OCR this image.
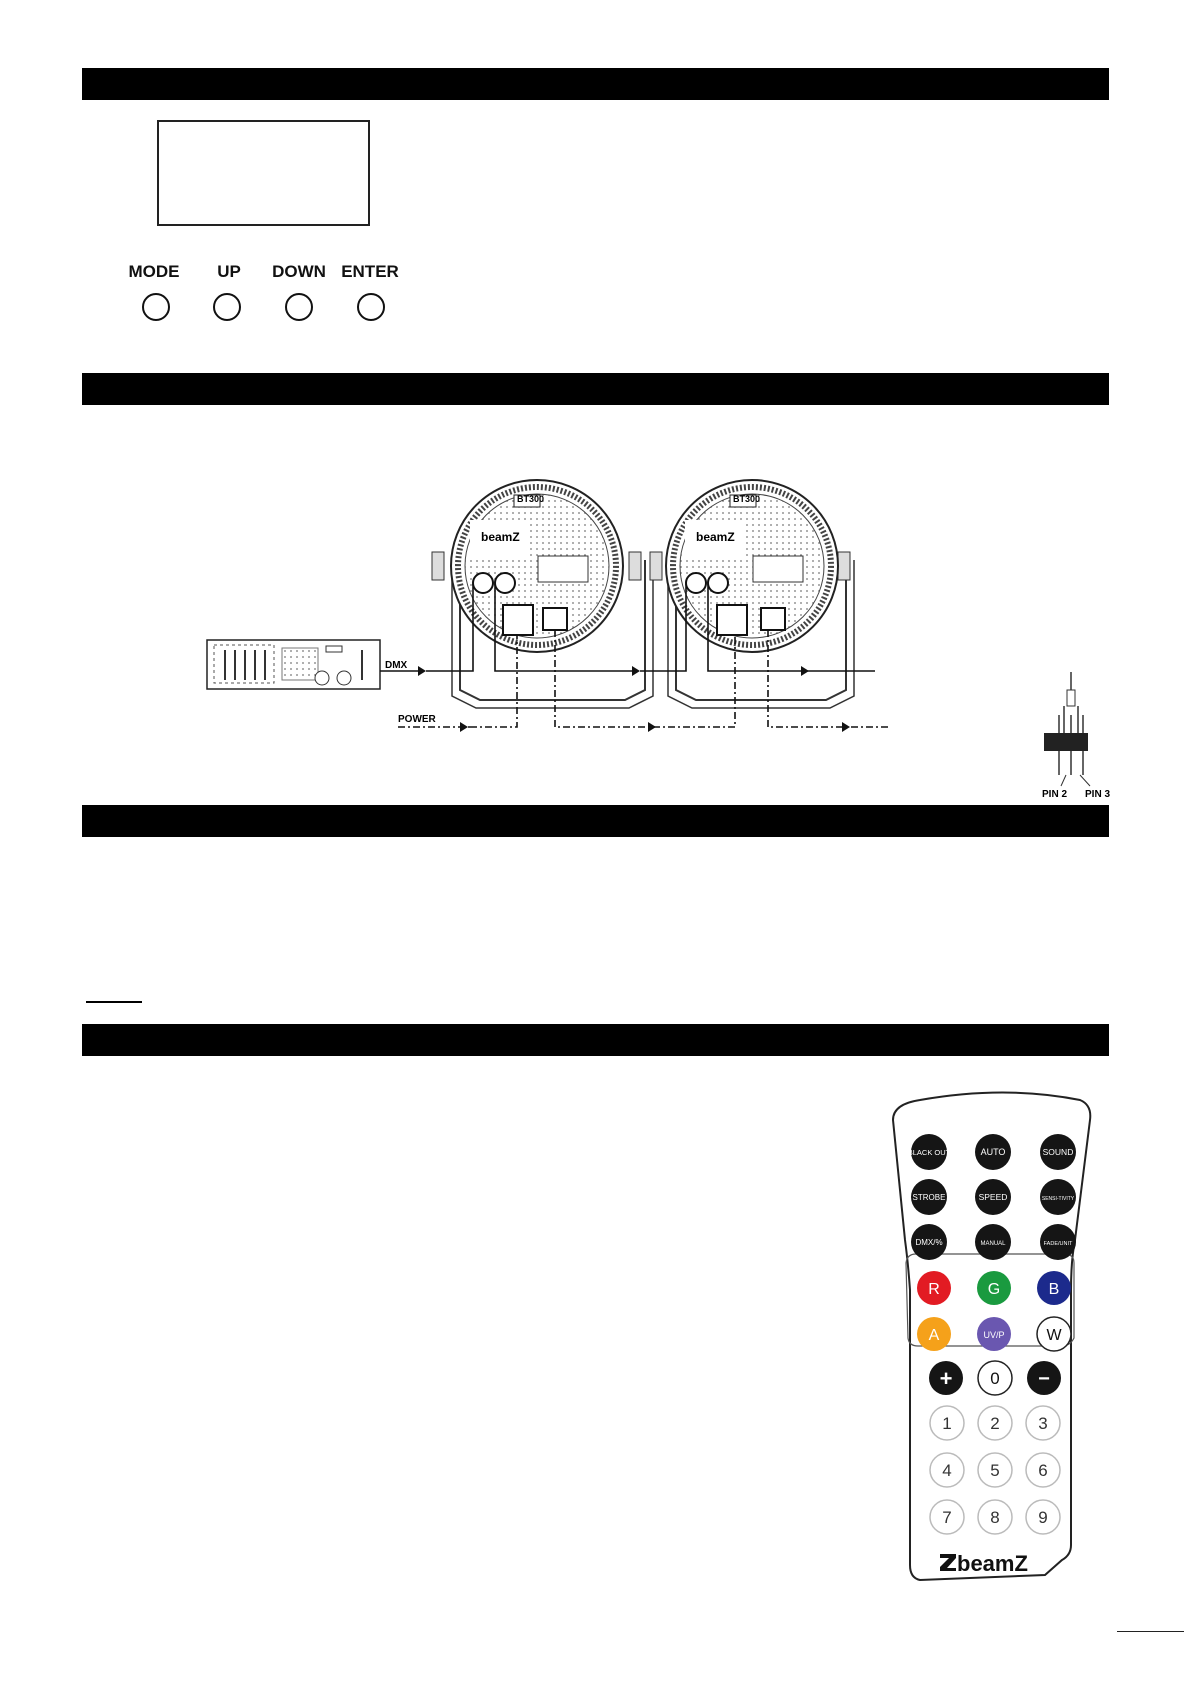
MODE	UP	DOWN ENTER
BT300
beamZ
BT300
beamZ
DMX
POWER
PIN 2 PIN 3
BLACK OUT	AUTO	SOUND
STROBE	SPEED	SENSI-TIVITY
DMX/%	MANUAL	FADE/UNIT
R	G	B
A	UV/P	W
+ 0 −
1 2 3
4 5 6
7 8 9
beamZ
